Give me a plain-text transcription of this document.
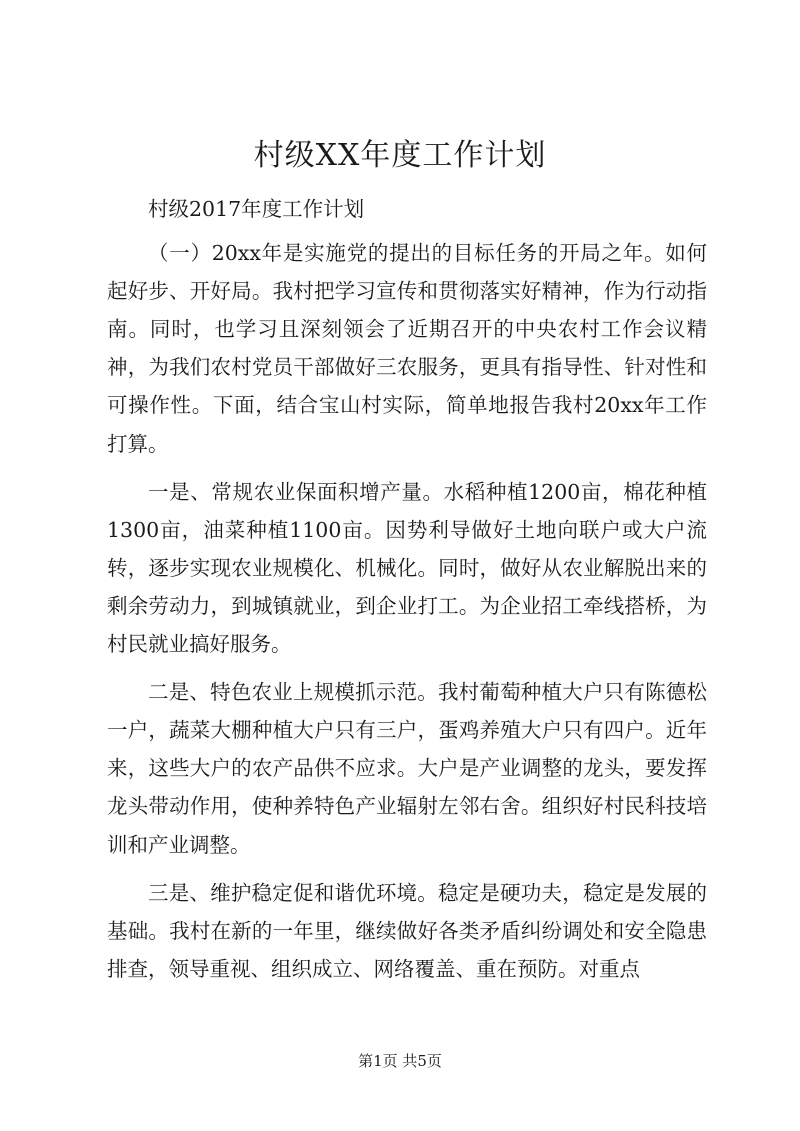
村级XX年度工作计划

村级2017年度工作计划

（一）20xx年是实施党的提出的目标任务的开局之年。如何起好步、开好局。我村把学习宣传和贯彻落实好精神，作为行动指南。同时，也学习且深刻领会了近期召开的中央农村工作会议精神，为我们农村党员干部做好三农服务，更具有指导性、针对性和可操作性。下面，结合宝山村实际，简单地报告我村20xx年工作打算。

一是、常规农业保面积增产量。水稻种植1200亩，棉花种植1300亩，油菜种植1100亩。因势利导做好土地向联户或大户流转，逐步实现农业规模化、机械化。同时，做好从农业解脱出来的剩余劳动力，到城镇就业，到企业打工。为企业招工牵线搭桥，为村民就业搞好服务。

二是、特色农业上规模抓示范。我村葡萄种植大户只有陈德松一户，蔬菜大棚种植大户只有三户，蛋鸡养殖大户只有四户。近年来，这些大户的农产品供不应求。大户是产业调整的龙头，要发挥龙头带动作用，使种养特色产业辐射左邻右舍。组织好村民科技培训和产业调整。

三是、维护稳定促和谐优环境。稳定是硬功夫，稳定是发展的基础。我村在新的一年里，继续做好各类矛盾纠纷调处和安全隐患排查，领导重视、组织成立、网络覆盖、重在预防。对重点

第1页 共5页
